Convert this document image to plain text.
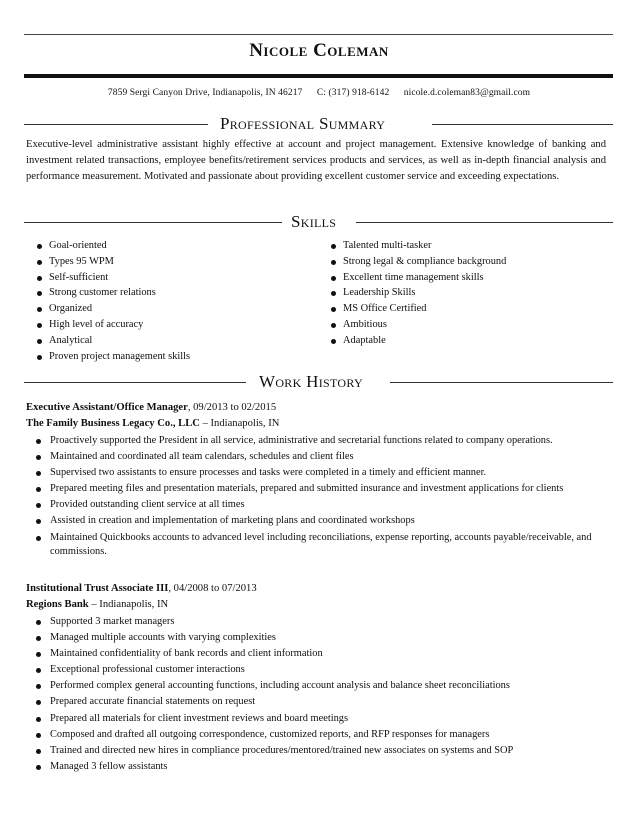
Nicole Coleman
7859 Sergi Canyon Drive, Indianapolis, IN 46217 C: (317) 918-6142 nicole.d.coleman83@gmail.com
Professional Summary
Executive-level administrative assistant highly effective at account and project management. Extensive knowledge of banking and investment related transactions, employee benefits/retirement services products and services, as well as in-depth financial analysis and performance measurement. Motivated and passionate about providing excellent customer service and exceeding expectations.
Skills
Goal-oriented
Types 95 WPM
Self-sufficient
Strong customer relations
Organized
High level of accuracy
Analytical
Proven project management skills
Talented multi-tasker
Strong legal & compliance background
Excellent time management skills
Leadership Skills
MS Office Certified
Ambitious
Adaptable
Work History
Executive Assistant/Office Manager, 09/2013 to 02/2015
The Family Business Legacy Co., LLC – Indianapolis, IN
Proactively supported the President in all service, administrative and secretarial functions related to company operations.
Maintained and coordinated all team calendars, schedules and client files
Supervised two assistants to ensure processes and tasks were completed in a timely and efficient manner.
Prepared meeting files and presentation materials, prepared and submitted insurance and investment applications for clients
Provided outstanding client service at all times
Assisted in creation and implementation of marketing plans and coordinated workshops
Maintained Quickbooks accounts to advanced level including reconciliations, expense reporting, accounts payable/receivable, and commissions.
Institutional Trust Associate III, 04/2008 to 07/2013
Regions Bank – Indianapolis, IN
Supported 3 market managers
Managed multiple accounts with varying complexities
Maintained confidentiality of bank records and client information
Exceptional professional customer interactions
Performed complex general accounting functions, including account analysis and balance sheet reconciliations
Prepared accurate financial statements on request
Prepared all materials for client investment reviews and board meetings
Composed and drafted all outgoing correspondence, customized reports, and RFP responses for managers
Trained and directed new hires in compliance procedures/mentored/trained new associates on systems and SOP
Managed 3 fellow assistants
